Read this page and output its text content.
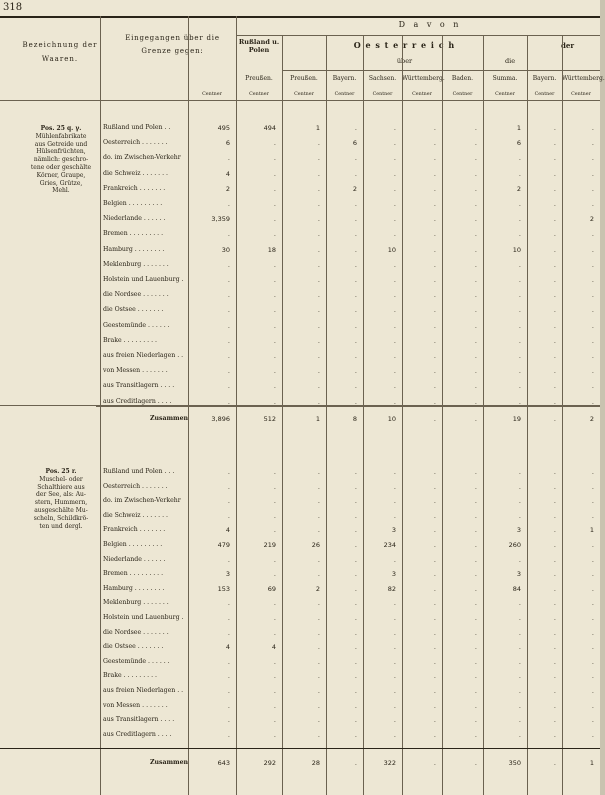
318
Bezeichnung der Waaren.
Eingegangen über die Grenze gegen:
D a v o n
Rußland u. Polen	O e s t e r r e i c h	der
über	die
Preußen.	Preußen.	Bayern.	Sachsen. Württemberg.	Baden.	Summa.	Bayern. Württemberg.
Centner	Centner	Centner	Centner	Centner	Centner	Centner	Centner	Centner	Centner
Pos. 25 q. γ.
Mühlenfabrikate
aus Getreide und
Hülsenfrüchten,
nämlich: geschro-
tene oder geschälte
Körner, Graupe,
Gries, Grütze,
Mehl.
Pos. 25 r.
Muschel- oder
Schalthiere aus
der See, als: Au-
stern, Hummern,
ausgeschälte Mu-
scheln, Schildkrö-
ten und dergl.
Rußland und Polen . .	495	494	1	.	.	.	.	1	.	.
Oesterreich . . . . . . .	6	.	.	6	.	.	.	6	.	.
do. im Zwischen-Verkehr	.	.	.	.	.	.	.	.	.	.
die Schweiz . . . . . . .	4	.	.	.	.	.	.	.	.	.
Frankreich . . . . . . .	2	.	.	2	.	.	.	2	.	.
Belgien . . . . . . . . .	.	.	.	.	.	.	.	.	.	.
Niederlande . . . . . .	3,359	.	.	.	.	.	.	.	.	2
Bremen . . . . . . . . .	.	.	.	.	.	.	.	.	.	.
Hamburg . . . . . . . .	30	18	.	.	10	.	.	10	.	.
Meklenburg . . . . . . .	.	.	.	.	.	.	.	.	.	.
Holstein und Lauenburg .	.	.	.	.	.	.	.	.	.	.
die Nordsee . . . . . . .	.	.	.	.	.	.	.	.	.	.
die Ostsee . . . . . . .	.	.	.	.	.	.	.	.	.	.
Geestemünde . . . . . .	.	.	.	.	.	.	.	.	.	.
Brake . . . . . . . . .	.	.	.	.	.	.	.	.	.	.
aus freien Niederlagen . .	.	.	.	.	.	.	.	.	.	.
von Messen . . . . . . .	.	.	.	.	.	.	.	.	.	.
aus Transitlagern . . . .	.	.	.	.	.	.	.	.	.	.
aus Creditlagern . . . .	.	.	.	.	.	.	.	.	.	.
Zusammen	3,896	512	1	8	10	.	.	19	.	2
Rußland und Polen . . .	.	.	.	.	.	.	.	.	.	.
Oesterreich . . . . . . .	.	.	.	.	.	.	.	.	.	.
do. im Zwischen-Verkehr	.	.	.	.	.	.	.	.	.	.
die Schweiz . . . . . . .	.	.	.	.	.	.	.	.	.	.
Frankreich . . . . . . .	4	.	.	.	3	.	.	3	.	1
Belgien . . . . . . . . .	479	219	26	.	234	.	.	260	.	.
Niederlande . . . . . .	.	.	.	.	.	.	.	.	.	.
Bremen . . . . . . . . .	3	.	.	.	3	.	.	3	.	.
Hamburg . . . . . . . .	153	69	2	.	82	.	.	84	.	.
Meklenburg . . . . . . .	.	.	.	.	.	.	.	.	.	.
Holstein und Lauenburg .	.	.	.	.	.	.	.	.	.	.
die Nordsee . . . . . . .	.	.	.	.	.	.	.	.	.	.
die Ostsee . . . . . . .	4	4	.	.	.	.	.	.	.	.
Geestemünde . . . . . .	.	.	.	.	.	.	.	.	.	.
Brake . . . . . . . . .	.	.	.	.	.	.	.	.	.	.
aus freien Niederlagen . .	.	.	.	.	.	.	.	.	.	.
von Messen . . . . . . .	.	.	.	.	.	.	.	.	.	.
aus Transitlagern . . . .	.	.	.	.	.	.	.	.	.	.
aus Creditlagern . . . .	.	.	.	.	.	.	.	.	.	.
Zusammen	643	292	28	.	322	.	.	350	.	1
